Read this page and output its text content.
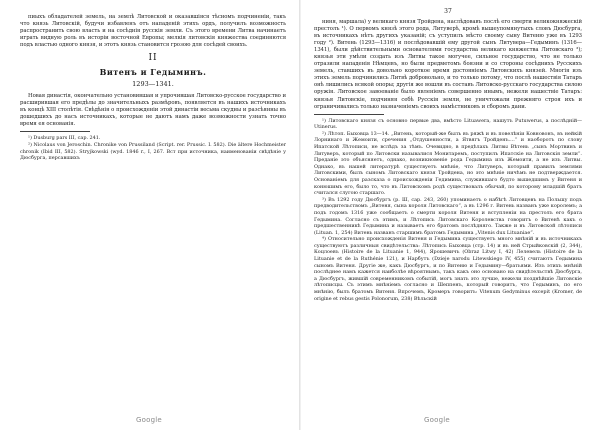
пиыхъ обладателей земель, на землѣ Литовской и оказавшіяся тѣсномъ подчиненіи, такъ что князь Литовскій, будучи избавленъ отъ нападеній этихъ ордъ, получилъ возможность распространить свою власть и на сосѣднія русскія земли. Съ этого времени Литва начинаетъ играть видную роль въ исторіи восточной Европы; мелкія литовскія княжества соединяются подъ властью одного князя, и этотъ князь становится грозою для сосѣдей своихъ.

II
Витенъ и Гедыминъ.
1293—1341.

Новая династія, окончательно установившая и упрочившая Литовско-русское государство и расширившая его предѣлы до значительныхъ размѣровъ, появляется въ нашихъ источникахъ въ концѣ XIII столѣтія. Свѣдѣнія о происхожденіи этой династіи весьма скудны и разсѣянны въ дошедшихъ до насъ источникахъ, которые не даютъ намъ даже возможности узнать точно время ея основанія.

¹) Dusburg pars III, cap. 241.

²) Nicolaus von Jeroschin. Chronike von Prussiland (Script. rer. Prussic. I. 582). Die ältere Hochmeister chronik (Ibid III, 582). Stryjkowski (wyd. 1846 r., I, 267. Вст при источника, наименованіи свѣдѣніе у Дюсбурга, персавшихъ

Google
37

ниня, маршала) у великаго князя Тройдена, наслѣдовавъ послѣ его смерти великокняжескій престолъ ¹). О первомъ князѣ этого рода, Литуверѣ, кромѣ вышеупомянутыхъ словъ Дюсбурга, въ источникахъ нѣтъ другихъ указаній; съ уступилъ мѣсто своему сыну Витеню уже въ 1293 году ²). Витень (1293—1316) и послѣдовавшій ему другой сынъ Литувера—Гедыминъ (1316—1341), были дѣйствительными основателями государства великаго княжества Литовскаго ³); князья эти умѣли создать изъ Литвы такое могучее, сильное государство, что не только отразили нападенія Нѣмцевъ, но были предметомъ боязни и со стороны сосѣднихъ Русскихъ земель, ставшихъ въ довольно короткое время достояніемъ Литовскихъ князей. Многія изъ этихъ земель подчинились Литвѣ добровольно, и то только потому, что послѣ нашествія Татаръ онѣ лишились всякой опоры; другія же вошли въ составъ Литовско-русскаго государства силою оружія. Литовское завоеваніе было явленіемъ совершенно инымъ, нежели нашествіе Татаръ: князья Литовскіе, подчиняя себѣ Русскія земли, не уничтожали прежняго строя ихъ и ограничивались только назначеніемъ своихъ намѣстниковъ и сборомъ дани.

¹) Литовскаго князя съ основно первые два, вмѣсто Lituawera, нашутъ Putuwerus, а послѣдній—Utinerus.

²) Лѣтоп. Быховца 13—14. „Витень, который-же былъ въ ряжѣ и въ повелѣніи Ковновонъ, въ нейкій Лорнинаго и Жемоити, сречения „Отдушенности, а Ятвягъ Тройденъ....“ и наоборотъ по слову Ипатской Лѣтописи, не вслѣдъ за тѣмъ. Очевидно, в предѣлахъ Литвы Вѣтень „сынъ Мортвинъ и Литуверъ, который по Литовски называлися Монитаремъ, поступилъ Ипатскіе на Литовскія земли“. Преданіе это объясняетъ, однако, возникновеніе рода Гедымина изъ Жемоити, а не изъ Литвы. Однако, въ нашей литературѣ существуетъ мнѣніе, что Литуверъ, который правилъ землями Литовскими, былъ сыномъ Литовскаго князя Тройдена, но это мнѣніе ничѣмъ не подтверждается. Основаніемъ для разсказа о происхожденіи Гедимина, служившаго будто вышедшимъ у Витеня и конюшимъ его, было то, что въ Литовскомъ родѣ существовалъ обычай, по которому младшій братъ считался слугою старшаго.

³) Въ 1292 году Дюсбургъ (р. Ш, сар. 243, 260) упоминаетъ о набѣгѣ Литовцевъ на Польшу подъ предводительствомъ „Витеня, сына короля Литовскаго“, а въ 1296 г. Витень названъ уже королемъ; а подъ годомъ 1316 уже сообщаетъ о смерти короля Витеня и вступленіи на престолъ его брата Гедымина. Согласно съ этимъ, и Лѣтопись Литовскаго Королевства говоритъ о Витенѣ какъ о предшественникѣ Гедымина и называетъ его братомъ послѣдняго. Также и въ Литовской лѣтописи (Lituan. 1, 254) Витень названъ старшимъ братомъ Гедымина „Vitenis dux Lituaniae“.

⁴) Относительно происхожденія Витеня и Гедымина существуетъ много мнѣній и въ источникахъ существуютъ различныя свидѣтельства: Лѣтопись Быховца (стр. 14) и въ ней Стрыйковскій (2, 344), Коцлоевъ (Histoire de la Lituanie 1, 944), Ярошевичъ (Obraz Litwy I, 42) Лелевель (Histoire de la Lituanie et de la Ruthénie 121), и Нарбутъ (Dzieje narodu Litewskiego IV, 455) считаютъ Гедымина сыномъ Витеня. Другіе же, какъ Дюсбургъ, и по Витеню и Гедымину—братьями. Изъ этихъ мнѣній послѣднее намъ кажется наиболѣе вѣроятнымъ, такъ какъ оно основано на свидѣтельствѣ Дюсбурга, а Дюсбургъ, жившій современникомъ событій, могъ знать это лучше, нежели позднѣйшіе Литовскіе лѣтописцы. Съ этимъ мнѣніемъ согласно и Шеппенъ, который говоритъ, что Гедыминъ, по его мнѣнію, былъ братомъ Витеня. Впрочемъ, Кромеръ говоритъ: Vitenum Gedyminus excepit (Kromer, de origine et rebus gestis Polonorum, 238) Вѣльскій

Google
